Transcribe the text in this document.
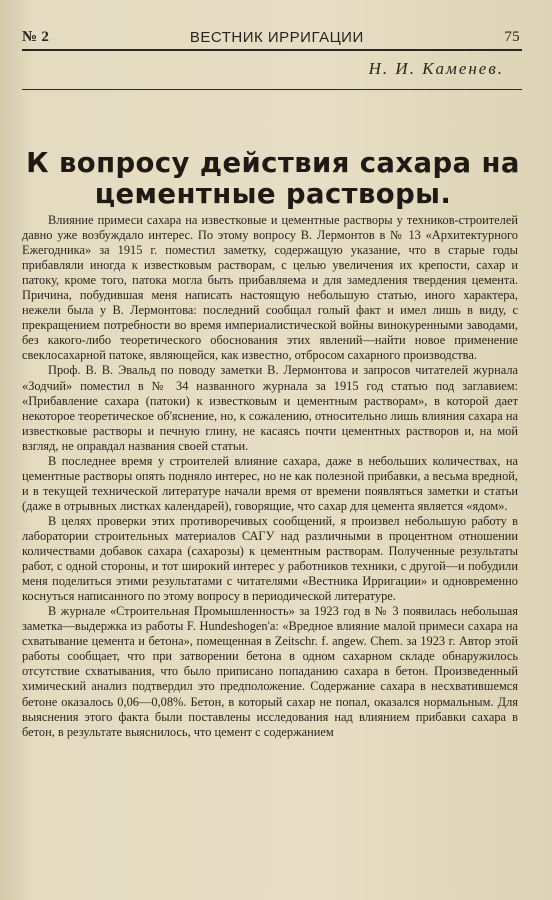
№ 2	ВЕСТНИК ИРРИГАЦИИ	75
Н. И. Каменев.
К вопросу действия сахара на цементные растворы.

Влияние примеси сахара на известковые и цементные растворы у техников-строителей давно уже возбуждало интерес. По этому вопросу В. Лермонтов в № 13 «Архитектурного Ежегодника» за 1915 г. поместил заметку, содержащую указание, что в старые годы прибавляли иногда к известковым растворам, с целью увеличения их крепости, сахар и патоку, кроме того, патока могла быть прибавляема и для замедления твердения цемента. Причина, побудившая меня написать настоящую небольшую статью, иного характера, нежели была у В. Лермонтова: последний сообщал голый факт и имел лишь в виду, с прекращением потребности во время империалистической войны винокуренными заводами, без какого-либо теоретического обоснования этих явлений—найти новое применение свеклосахарной патоке, являющейся, как известно, отбросом сахарного производства.

Проф. В. В. Эвальд по поводу заметки В. Лермонтова и запросов читателей журнала «Зодчий» поместил в № 34 названного журнала за 1915 год статью под заглавием: «Прибавление сахара (патоки) к известковым и цементным растворам», в которой дает некоторое теоретическое об'яснение, но, к сожалению, относительно лишь влияния сахара на известковые растворы и печную глину, не касаясь почти цементных растворов и, на мой взгляд, не оправдал названия своей статьи.

В последнее время у строителей влияние сахара, даже в небольших количествах, на цементные растворы опять подняло интерес, но не как полезной прибавки, а весьма вредной, и в текущей технической литературе начали время от времени появляться заметки и статьи (даже в отрывных листках календарей), говорящие, что сахар для цемента является «ядом».

В целях проверки этих противоречивых сообщений, я произвел небольшую работу в лаборатории строительных материалов САГУ над различными в процентном отношении количествами добавок сахара (сахарозы) к цементным растворам. Полученные результаты работ, с одной стороны, и тот широкий интерес у работников техники, с другой—и побудили меня поделиться этими результатами с читателями «Вестника Ирригации» и одновременно коснуться написанного по этому вопросу в периодической литературе.

В журнале «Строительная Промышленность» за 1923 год в № 3 появилась небольшая заметка—выдержка из работы F. Hundeshogen'a: «Вредное влияние малой примеси сахара на схватывание цемента и бетона», помещенная в Zeitschr. f. angew. Chem. за 1923 г. Автор этой работы сообщает, что при затворении бетона в одном сахарном складе обнаружилось отсутствие схватывания, что было приписано попаданию сахара в бетон. Произведенный химический анализ подтвердил это предположение. Содержание сахара в несхватившемся бетоне оказалось 0,06—0,08%. Бетон, в который сахар не попал, оказался нормальным. Для выяснения этого факта были поставлены исследования над влиянием прибавки сахара в бетон, в результате выяснилось, что цемент с содержанием
